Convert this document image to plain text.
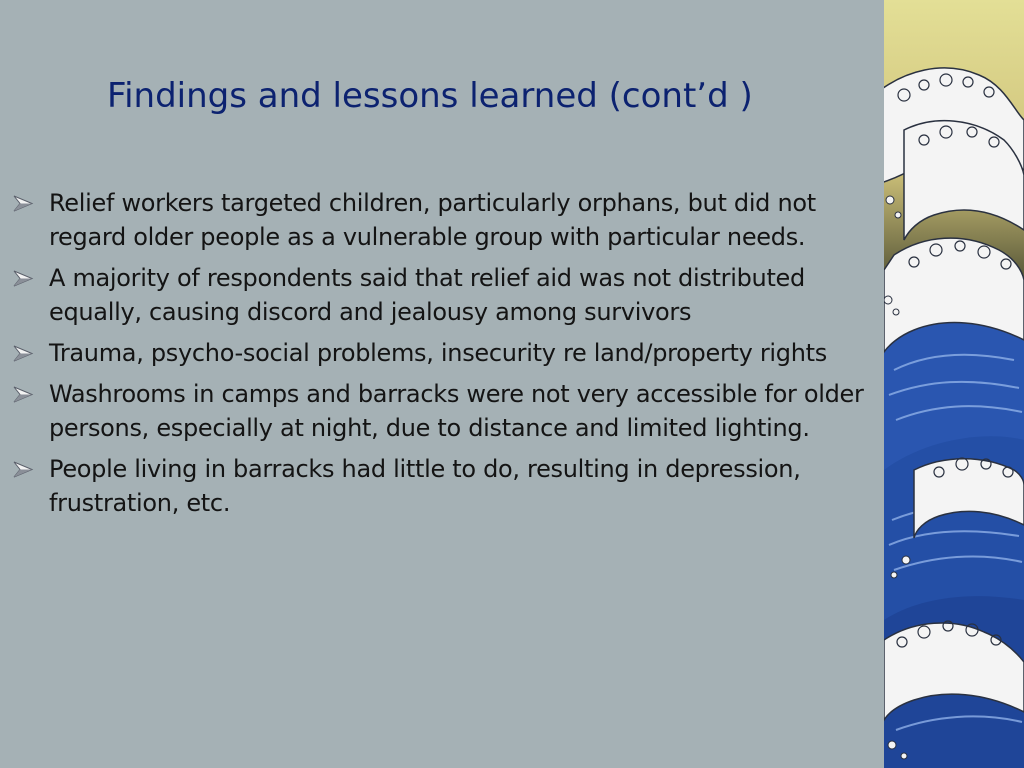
Findings and lessons learned (cont’d )
Relief workers targeted children, particularly orphans, but did not regard older people as a vulnerable group with particular needs.
A majority of respondents said that relief aid was not distributed equally, causing discord and jealousy among survivors
Trauma, psycho-social problems, insecurity re land/property rights
Washrooms in camps and barracks were not very accessible for older persons, especially at night, due to distance and limited lighting.
People living in barracks had little to do, resulting in depression, frustration, etc.
